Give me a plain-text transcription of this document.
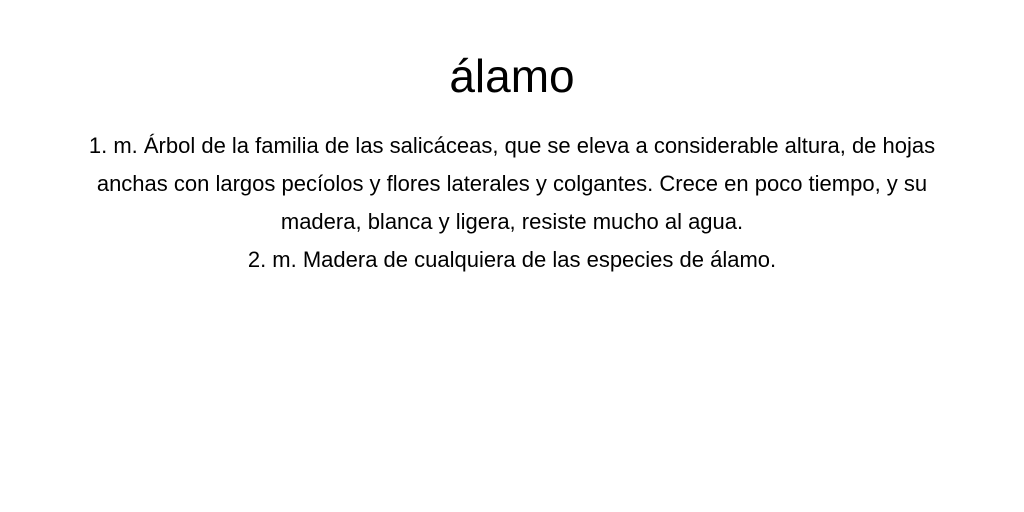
álamo

1. m. Árbol de la familia de las salicáceas, que se eleva a considerable altura, de hojas anchas con largos pecíolos y flores laterales y colgantes. Crece en poco tiempo, y su madera, blanca y ligera, resiste mucho al agua.

2. m. Madera de cualquiera de las especies de álamo.
